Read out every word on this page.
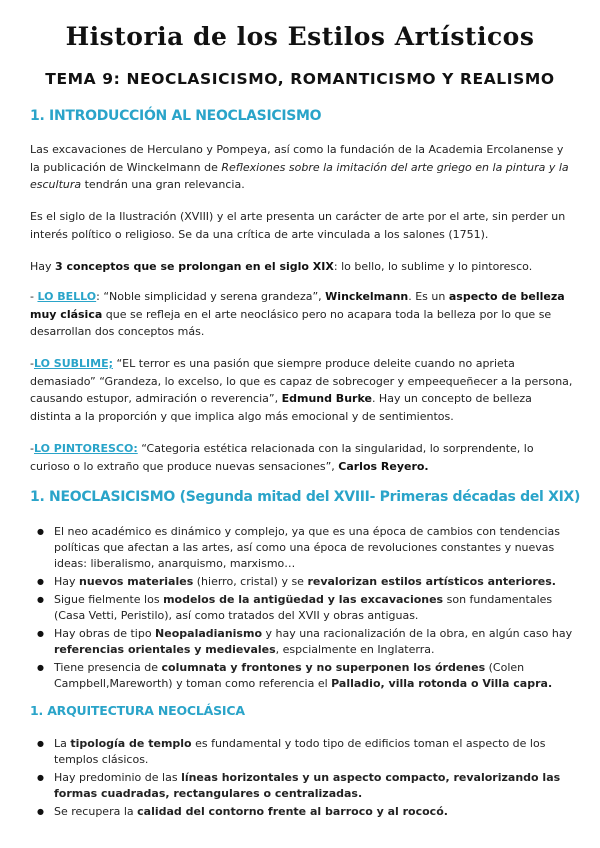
Historia de los Estilos Artísticos
TEMA 9: NEOCLASICISMO, ROMANTICISMO Y REALISMO
1. INTRODUCCIÓN AL NEOCLASICISMO
Las excavaciones de Herculano y Pompeya, así como la fundación de la Academia Ercolanense y la publicación de Winckelmann de Reflexiones sobre la imitación del arte griego en la pintura y la escultura tendrán una gran relevancia.
Es el siglo de la Ilustración (XVIII) y el arte presenta un carácter de arte por el arte, sin perder un interés político o religioso. Se da una crítica de arte vinculada a los salones (1751).
Hay 3 conceptos que se prolongan en el siglo XIX: lo bello, lo sublime y lo pintoresco.
- LO BELLO: “Noble simplicidad y serena grandeza”, Winckelmann. Es un aspecto de belleza muy clásica que se refleja en el arte neoclásico pero no acapara toda la belleza por lo que se desarrollan dos conceptos más.
-LO SUBLIME; “EL terror es una pasión que siempre produce deleite cuando no aprieta demasiado” “Grandeza, lo excelso, lo que es capaz de sobrecoger y empeequeñecer a la persona, causando estupor, admiración o reverencia”, Edmund Burke. Hay un concepto de belleza distinta a la proporción y que implica algo más emocional y de sentimientos.
-LO PINTORESCO: “Categoria estética relacionada con la singularidad, lo sorprendente, lo curioso o lo extraño que produce nuevas sensaciones”, Carlos Reyero.
1. NEOCLASICISMO (Segunda mitad del XVIII- Primeras décadas del XIX)
● El neo académico es dinámico y complejo, ya que es una época de cambios con tendencias políticas que afectan a las artes, así como una época de revoluciones constantes y nuevas ideas: liberalismo, anarquismo, marxismo…
● Hay nuevos materiales (hierro, cristal) y se revalorizan estilos artísticos anteriores.
● Sigue fielmente los modelos de la antigüedad y las excavaciones son fundamentales (Casa Vetti, Peristilo), así como tratados del XVII y obras antiguas.
● Hay obras de tipo Neopaladianismo y hay una racionalización de la obra, en algún caso hay referencias orientales y medievales, espcialmente en Inglaterra.
● Tiene presencia de columnata y frontones y no superponen los órdenes (Colen Campbell,Mareworth) y toman como referencia el Palladio, villa rotonda o Villa capra.
1. ARQUITECTURA NEOCLÁSICA
● La tipología de templo es fundamental y todo tipo de edificios toman el aspecto de los templos clásicos.
● Hay predominio de las líneas horizontales y un aspecto compacto, revalorizando las formas cuadradas, rectangulares o centralizadas.
● Se recupera la calidad del contorno frente al barroco y al rococó.
